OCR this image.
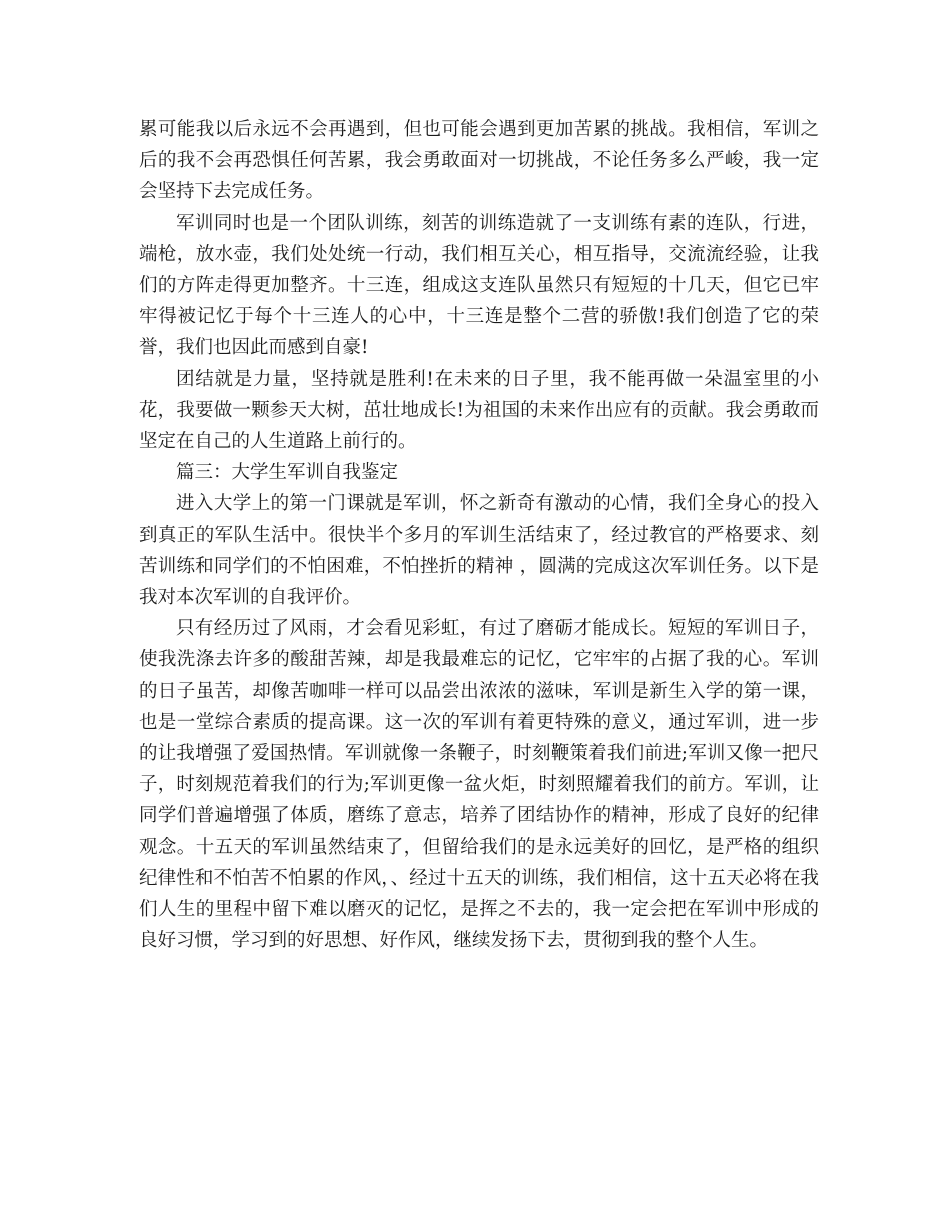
累可能我以后永远不会再遇到，但也可能会遇到更加苦累的挑战。我相信，军训之后的我不会再恐惧任何苦累，我会勇敢面对一切挑战，不论任务多么严峻，我一定会坚持下去完成任务。

军训同时也是一个团队训练，刻苦的训练造就了一支训练有素的连队，行进，端枪，放水壶，我们处处统一行动，我们相互关心，相互指导，交流流经验，让我们的方阵走得更加整齐。十三连，组成这支连队虽然只有短短的十几天，但它已牢牢得被记忆于每个十三连人的心中，十三连是整个二营的骄傲!我们创造了它的荣誉，我们也因此而感到自豪!

团结就是力量，坚持就是胜利!在未来的日子里，我不能再做一朵温室里的小花，我要做一颗参天大树，茁壮地成长!为祖国的未来作出应有的贡献。我会勇敢而坚定在自己的人生道路上前行的。

篇三：大学生军训自我鉴定

进入大学上的第一门课就是军训，怀之新奇有激动的心情，我们全身心的投入到真正的军队生活中。很快半个多月的军训生活结束了，经过教官的严格要求、刻苦训练和同学们的不怕困难，不怕挫折的精神 ，圆满的完成这次军训任务。以下是我对本次军训的自我评价。

只有经历过了风雨，才会看见彩虹，有过了磨砺才能成长。短短的军训日子，使我洗涤去许多的酸甜苦辣，却是我最难忘的记忆，它牢牢的占据了我的心。军训的日子虽苦，却像苦咖啡一样可以品尝出浓浓的滋味，军训是新生入学的第一课，也是一堂综合素质的提高课。这一次的军训有着更特殊的意义，通过军训，进一步的让我增强了爱国热情。军训就像一条鞭子，时刻鞭策着我们前进;军训又像一把尺子，时刻规范着我们的行为;军训更像一盆火炬，时刻照耀着我们的前方。军训，让同学们普遍增强了体质，磨练了意志，培养了团结协作的精神，形成了良好的纪律观念。十五天的军训虽然结束了，但留给我们的是永远美好的回忆，是严格的组织纪律性和不怕苦不怕累的作风，、经过十五天的训练，我们相信，这十五天必将在我们人生的里程中留下难以磨灭的记忆，是挥之不去的，我一定会把在军训中形成的良好习惯，学习到的好思想、好作风，继续发扬下去，贯彻到我的整个人生。
